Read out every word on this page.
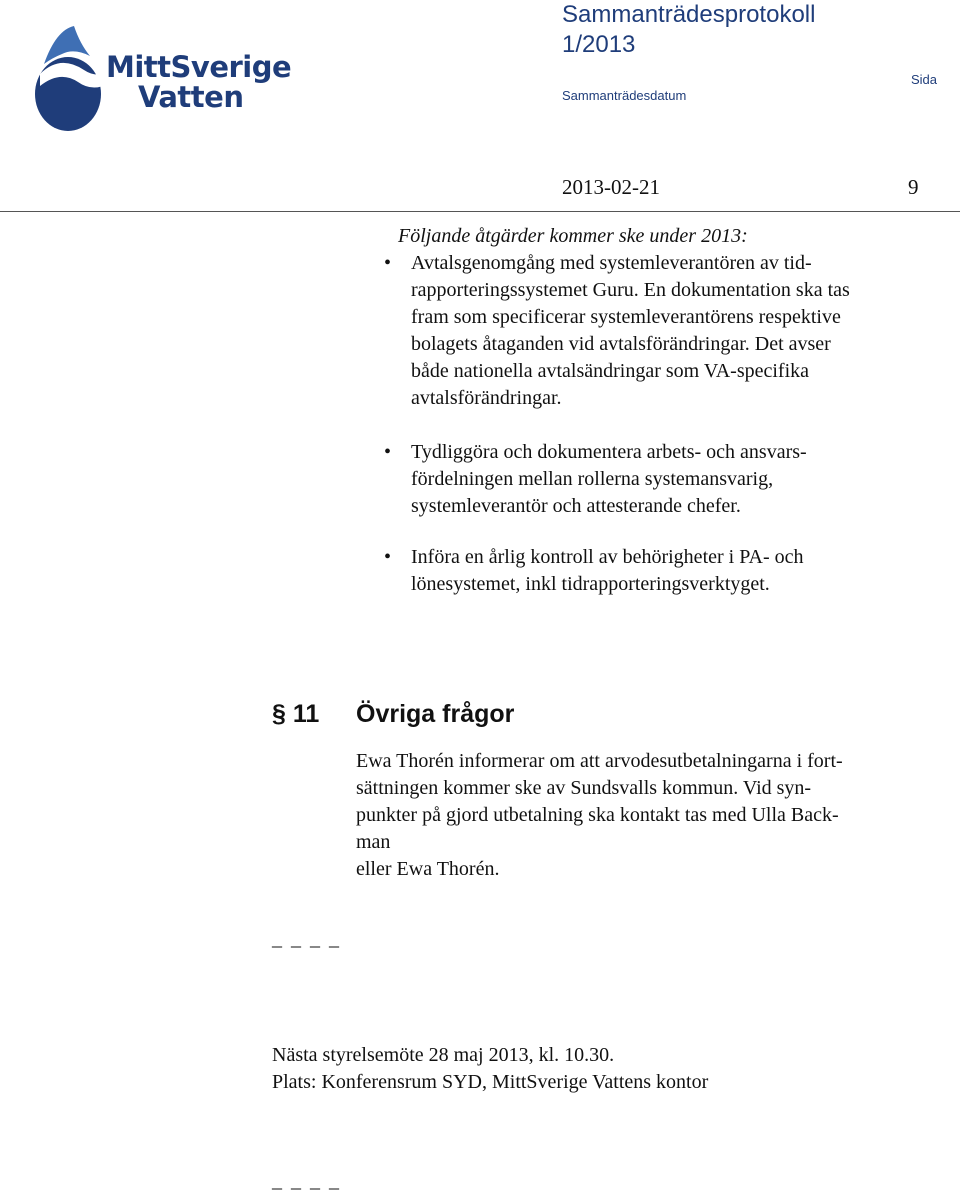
MittSverige
Vatten
Sammanträdesprotokoll
1/2013
Sammanträdesdatum
Sida
2013-02-21	9
Följande åtgärder kommer ske under 2013:
• Avtalsgenomgång med systemleverantören av tid-
rapporteringssystemet Guru. En dokumentation ska tas
fram som specificerar systemleverantörens respektive
bolagets åtaganden vid avtalsförändringar. Det avser
både nationella avtalsändringar som VA-specifika
avtalsförändringar.
• Tydliggöra och dokumentera arbets- och ansvars-
fördelningen mellan rollerna systemansvarig,
systemleverantör och attesterande chefer.
• Införa en årlig kontroll av behörigheter i PA- och
lönesystemet, inkl tidrapporteringsverktyget.
§ 11 Övriga frågor
Ewa Thorén informerar om att arvodesutbetalningarna i fort-
sättningen kommer ske av Sundsvalls kommun. Vid syn-
punkter på gjord utbetalning ska kontakt tas med Ulla Back-
man
eller Ewa Thorén.
_ _ _ _
Nästa styrelsemöte 28 maj 2013, kl. 10.30.
Plats: Konferensrum SYD, MittSverige Vattens kontor
_ _ _ _
